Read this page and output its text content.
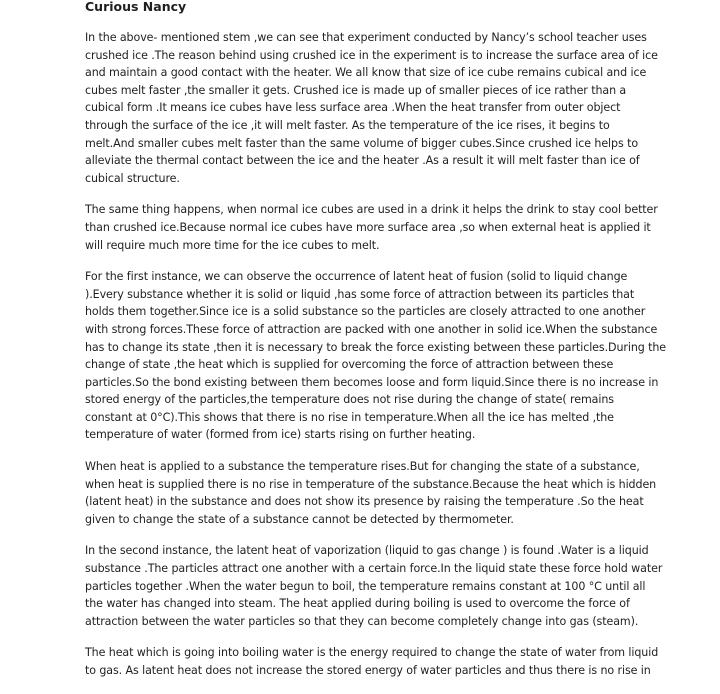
Curious Nancy
In the above- mentioned stem ,we can see that experiment conducted by Nancy’s school teacher uses
crushed ice .The reason behind using crushed ice in the experiment is to increase the surface area of ice
and maintain a good contact with the heater. We all know that size of ice cube remains cubical and ice
cubes melt faster ,the smaller it gets. Crushed ice is made up of smaller pieces of ice rather than a
cubical form .It means ice cubes have less surface area .When the heat transfer from outer object
through the surface of the ice ,it will melt faster. As the temperature of the ice rises, it begins to
melt.And smaller cubes melt faster than the same volume of bigger cubes.Since crushed ice helps to
alleviate the thermal contact between the ice and the heater .As a result it will melt faster than ice of
cubical structure.
The same thing happens, when normal ice cubes are used in a drink it helps the drink to stay cool better
than crushed ice.Because normal ice cubes have more surface area ,so when external heat is applied it
will require much more time for the ice cubes to melt.
For the first instance, we can observe the occurrence of latent heat of fusion (solid to liquid change
).Every substance whether it is solid or liquid ,has some force of attraction between its particles that
holds them together.Since ice is a solid substance so the particles are closely attracted to one another
with strong forces.These force of attraction are packed with one another in solid ice.When the substance
has to change its state ,then it is necessary to break the force existing between these particles.During the
change of state ,the heat which is supplied for overcoming the force of attraction between these
particles.So the bond existing between them becomes loose and form liquid.Since there is no increase in
stored energy of the particles,the temperature does not rise during the change of state( remains
constant at 0°C).This shows that there is no rise in temperature.When all the ice has melted ,the
temperature of water (formed from ice) starts rising on further heating.
When heat is applied to a substance the temperature rises.But for changing the state of a substance,
when heat is supplied there is no rise in temperature of the substance.Because the heat which is hidden
(latent heat) in the substance and does not show its presence by raising the temperature .So the heat
given to change the state of a substance cannot be detected by thermometer.
In the second instance, the latent heat of vaporization (liquid to gas change ) is found .Water is a liquid
substance .The particles attract one another with a certain force.In the liquid state these force hold water
particles together .When the water begun to boil, the temperature remains constant at 100 °C until all
the water has changed into steam. The heat applied during boiling is used to overcome the force of
attraction between the water particles so that they can become completely change into gas (steam).
The heat which is going into boiling water is the energy required to change the state of water from liquid
to gas. As latent heat does not increase the stored energy of water particles and thus there is no rise in
